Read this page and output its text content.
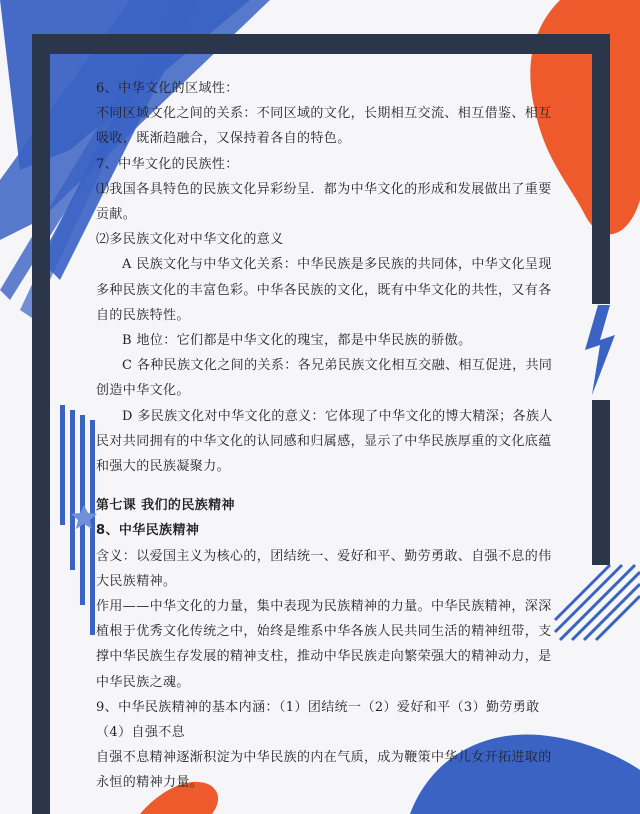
6、中华文化的区域性：

不同区域文化之间的关系：不同区域的文化，长期相互交流、相互借鉴、相互吸收，既渐趋融合，又保持着各自的特色。

7、中华文化的民族性：

⑴我国各具特色的民族文化异彩纷呈．都为中华文化的形成和发展做出了重要贡献。

⑵多民族文化对中华文化的意义

A 民族文化与中华文化关系：中华民族是多民族的共同体，中华文化呈现多种民族文化的丰富色彩。中华各民族的文化，既有中华文化的共性，又有各自的民族特性。

B 地位：它们都是中华文化的瑰宝，都是中华民族的骄傲。

C 各种民族文化之间的关系：各兄弟民族文化相互交融、相互促进，共同创造中华文化。

D 多民族文化对中华文化的意义：它体现了中华文化的博大精深；各族人民对共同拥有的中华文化的认同感和归属感，显示了中华民族厚重的文化底蕴和强大的民族凝聚力。

第七课 我们的民族精神

8、中华民族精神

含义：以爱国主义为核心的，团结统一、爱好和平、勤劳勇敢、自强不息的伟大民族精神。

作用——中华文化的力量，集中表现为民族精神的力量。中华民族精神，深深植根于优秀文化传统之中，始终是维系中华各族人民共同生活的精神纽带，支撑中华民族生存发展的精神支柱，推动中华民族走向繁荣强大的精神动力，是中华民族之魂。

9、中华民族精神的基本内涵：（1）团结统一（2）爱好和平（3）勤劳勇敢（4）自强不息

自强不息精神逐渐积淀为中华民族的内在气质，成为鞭策中华儿女开拓进取的永恒的精神力量。
